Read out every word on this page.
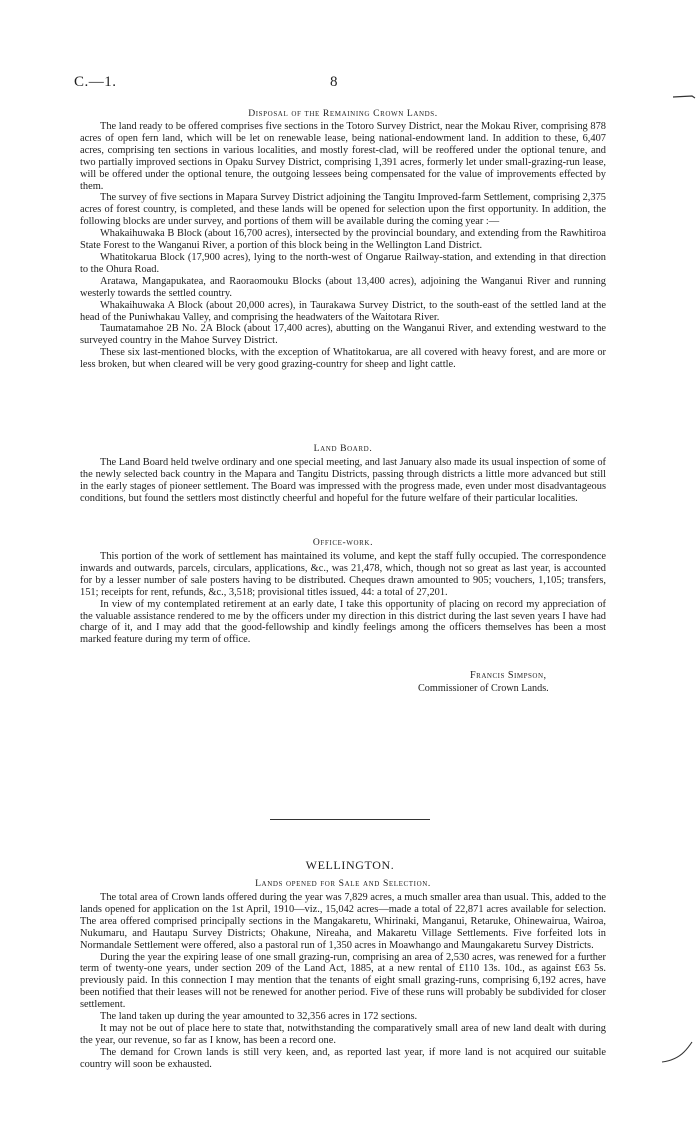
C.—1.	8

Disposal of the Remaining Crown Lands.

The land ready to be offered comprises five sections in the Totoro Survey District, near the Mokau River, comprising 878 acres of open fern land, which will be let on renewable lease, being national-endowment land. In addition to these, 6,407 acres, comprising ten sections in various localities, and mostly forest-clad, will be reoffered under the optional tenure, and two partially improved sections in Opaku Survey District, comprising 1,391 acres, formerly let under small-grazing-run lease, will be offered under the optional tenure, the outgoing lessees being compensated for the value of improvements effected by them.

The survey of five sections in Mapara Survey District adjoining the Tangitu Improved-farm Settlement, comprising 2,375 acres of forest country, is completed, and these lands will be opened for selection upon the first opportunity. In addition, the following blocks are under survey, and portions of them will be available during the coming year :—

Whakaihuwaka B Block (about 16,700 acres), intersected by the provincial boundary, and extending from the Rawhitiroa State Forest to the Wanganui River, a portion of this block being in the Wellington Land District.

Whatitokarua Block (17,900 acres), lying to the north-west of Ongarue Railway-station, and extending in that direction to the Ohura Road.

Aratawa, Mangapukatea, and Raoraomouku Blocks (about 13,400 acres), adjoining the Wanganui River and running westerly towards the settled country.

Whakaihuwaka A Block (about 20,000 acres), in Taurakawa Survey District, to the south-east of the settled land at the head of the Puniwhakau Valley, and comprising the headwaters of the Waitotara River.

Taumatamahoe 2B No. 2A Block (about 17,400 acres), abutting on the Wanganui River, and extending westward to the surveyed country in the Mahoe Survey District.

These six last-mentioned blocks, with the exception of Whatitokarua, are all covered with heavy forest, and are more or less broken, but when cleared will be very good grazing-country for sheep and light cattle.

Land Board.

The Land Board held twelve ordinary and one special meeting, and last January also made its usual inspection of some of the newly selected back country in the Mapara and Tangitu Districts, passing through districts a little more advanced but still in the early stages of pioneer settlement. The Board was impressed with the progress made, even under most disadvantageous conditions, but found the settlers most distinctly cheerful and hopeful for the future welfare of their particular localities.

Office-work.

This portion of the work of settlement has maintained its volume, and kept the staff fully occupied. The correspondence inwards and outwards, parcels, circulars, applications, &c., was 21,478, which, though not so great as last year, is accounted for by a lesser number of sale posters having to be distributed. Cheques drawn amounted to 905; vouchers, 1,105; transfers, 151; receipts for rent, refunds, &c., 3,518; provisional titles issued, 44: a total of 27,201.

In view of my contemplated retirement at an early date, I take this opportunity of placing on record my appreciation of the valuable assistance rendered to me by the officers under my direction in this district during the last seven years I have had charge of it, and I may add that the good-fellowship and kindly feelings among the officers themselves has been a most marked feature during my term of office.

Francis Simpson,
Commissioner of Crown Lands.
WELLINGTON.

Lands opened for Sale and Selection.

The total area of Crown lands offered during the year was 7,829 acres, a much smaller area than usual. This, added to the lands opened for application on the 1st April, 1910—viz., 15,042 acres—made a total of 22,871 acres available for selection. The area offered comprised principally sections in the Mangakaretu, Whirinaki, Manganui, Retaruke, Ohinewairua, Wairoa, Nukumaru, and Hautapu Survey Districts; Ohakune, Nireaha, and Makaretu Village Settlements. Five forfeited lots in Normandale Settlement were offered, also a pastoral run of 1,350 acres in Moawhango and Maungakaretu Survey Districts.

During the year the expiring lease of one small grazing-run, comprising an area of 2,530 acres, was renewed for a further term of twenty-one years, under section 209 of the Land Act, 1885, at a new rental of £110 13s. 10d., as against £63 5s. previously paid. In this connection I may mention that the tenants of eight small grazing-runs, comprising 6,192 acres, have been notified that their leases will not be renewed for another period. Five of these runs will probably be subdivided for closer settlement.

The land taken up during the year amounted to 32,356 acres in 172 sections.

It may not be out of place here to state that, notwithstanding the comparatively small area of new land dealt with during the year, our revenue, so far as I know, has been a record one.

The demand for Crown lands is still very keen, and, as reported last year, if more land is not acquired our suitable country will soon be exhausted.
